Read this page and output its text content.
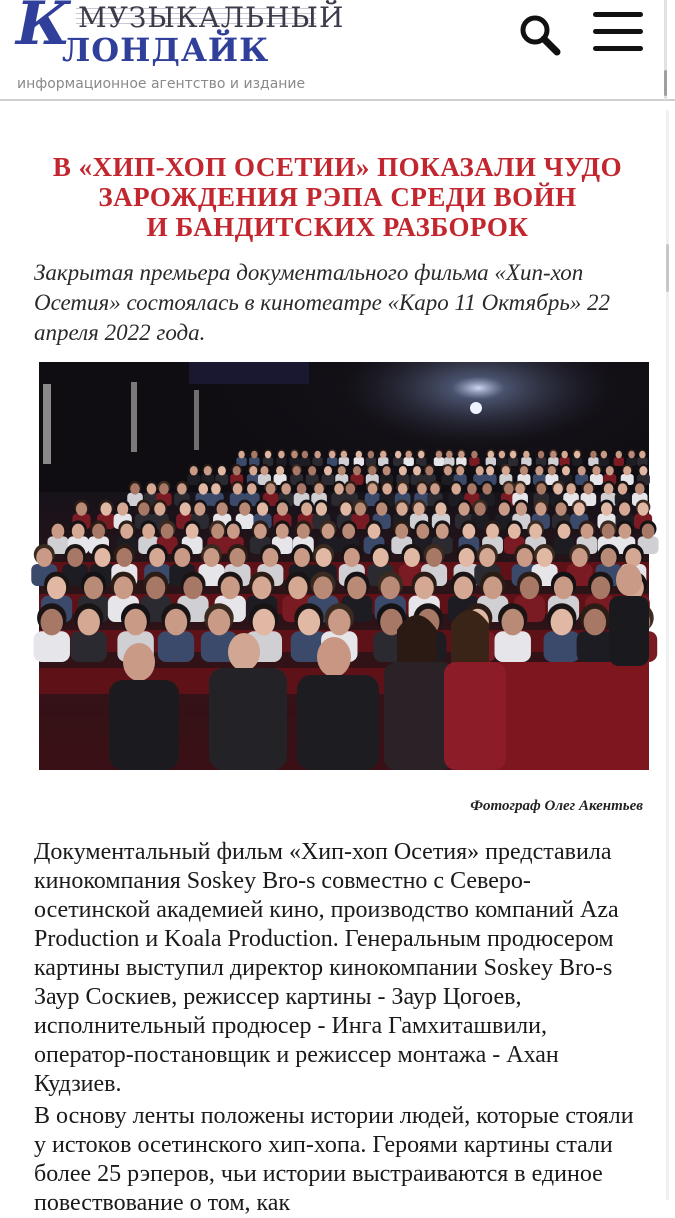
К МУЗЫКАЛЬНЫЙ
ЛОНДАЙК
информационное агентство и издание
В «ХИП-ХОП ОСЕТИИ» ПОКАЗАЛИ ЧУДО
ЗАРОЖДЕНИЯ РЭПА СРЕДИ ВОЙН
И БАНДИТСКИХ РАЗБОРОК

Закрытая премьера документального фильма «Хип-хоп Осетия» состоялась в кинотеатре «Каро 11 Октябрь» 22 апреля 2022 года.

Фотограф Олег Акентьев

Документальный фильм «Хип-хоп Осетия» представила кинокомпания Soskey Bro-s совместно с Северо-осетинской академией кино, производство компаний Aza Production и Koala Production. Генеральным продюсером картины выступил директор кинокомпании Soskey Bro-s Заур Соскиев, режиссер картины - Заур Цогоев, исполнительный продюсер - Инга Гамхиташвили, оператор-постановщик и режиссер монтажа - Ахан Кудзиев.

В основу ленты положены истории людей, которые стояли у истоков осетинского хип-хопа. Героями картины стали более 25 рэперов, чьи истории выстраиваются в единое повествование о том, как
